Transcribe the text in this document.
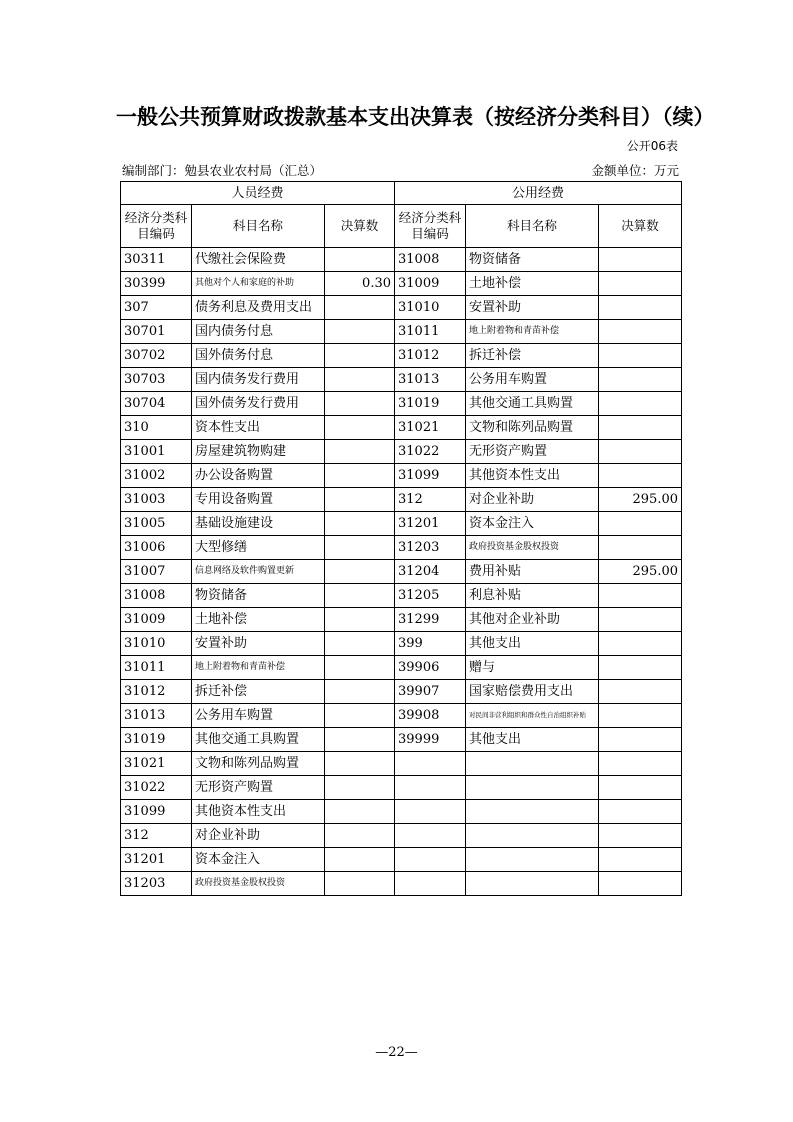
一般公共预算财政拨款基本支出决算表（按经济分类科目）（续）
公开06表
编制部门：勉县农业农村局（汇总）	金额单位：万元
人员经费			公用经费		
经济分类科目编码	科目名称	决算数	经济分类科目编码	科目名称	决算数
30311	代缴社会保险费		31008	物资储备	
30399	其他对个人和家庭的补助	0.30	31009	土地补偿	
307	债务利息及费用支出		31010	安置补助	
30701	国内债务付息		31011	地上附着物和青苗补偿	
30702	国外债务付息		31012	拆迁补偿	
30703	国内债务发行费用		31013	公务用车购置	
30704	国外债务发行费用		31019	其他交通工具购置	
310	资本性支出		31021	文物和陈列品购置	
31001	房屋建筑物购建		31022	无形资产购置	
31002	办公设备购置		31099	其他资本性支出	
31003	专用设备购置		312	对企业补助	295.00
31005	基础设施建设		31201	资本金注入	
31006	大型修缮		31203	政府投资基金股权投资	
31007	信息网络及软件购置更新		31204	费用补贴	295.00
31008	物资储备		31205	利息补贴	
31009	土地补偿		31299	其他对企业补助	
31010	安置补助		399	其他支出	
31011	地上附着物和青苗补偿		39906	赠与	
31012	拆迁补偿		39907	国家赔偿费用支出	
31013	公务用车购置		39908	对民间非营利组织和群众性自治组织补贴	
31019	其他交通工具购置		39999	其他支出	
31021	文物和陈列品购置				
31022	无形资产购置				
31099	其他资本性支出				
312	对企业补助				
31201	资本金注入				
31203	政府投资基金股权投资				
—22—
